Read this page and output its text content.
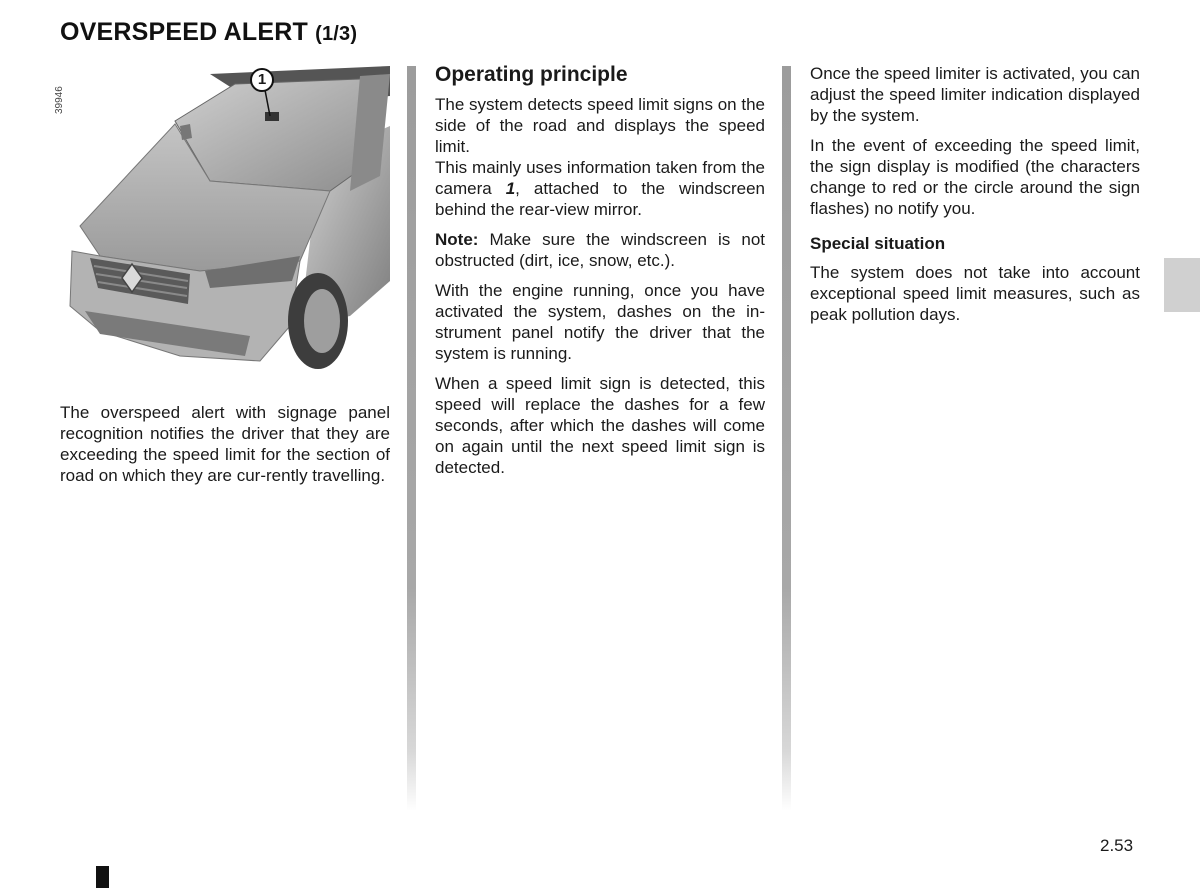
OVERSPEED ALERT (1/3)
39946
1

The overspeed alert with signage panel recognition notifies the driver that they are exceeding the speed limit for the section of road on which they are cur-rently travelling.

Operating principle

The system detects speed limit signs on the side of the road and displays the speed limit.

This mainly uses information taken from the camera 1, attached to the windscreen behind the rear-view mirror.

Note: Make sure the windscreen is not obstructed (dirt, ice, snow, etc.).

With the engine running, once you have activated the system, dashes on the in-strument panel notify the driver that the system is running.

When a speed limit sign is detected, this speed will replace the dashes for a few seconds, after which the dashes will come on again until the next speed limit sign is detected.

Once the speed limiter is activated, you can adjust the speed limiter indication displayed by the system.

In the event of exceeding the speed limit, the sign display is modified (the characters change to red or the circle around the sign flashes) no notify you.

Special situation

The system does not take into account exceptional speed limit measures, such as peak pollution days.

2.53
